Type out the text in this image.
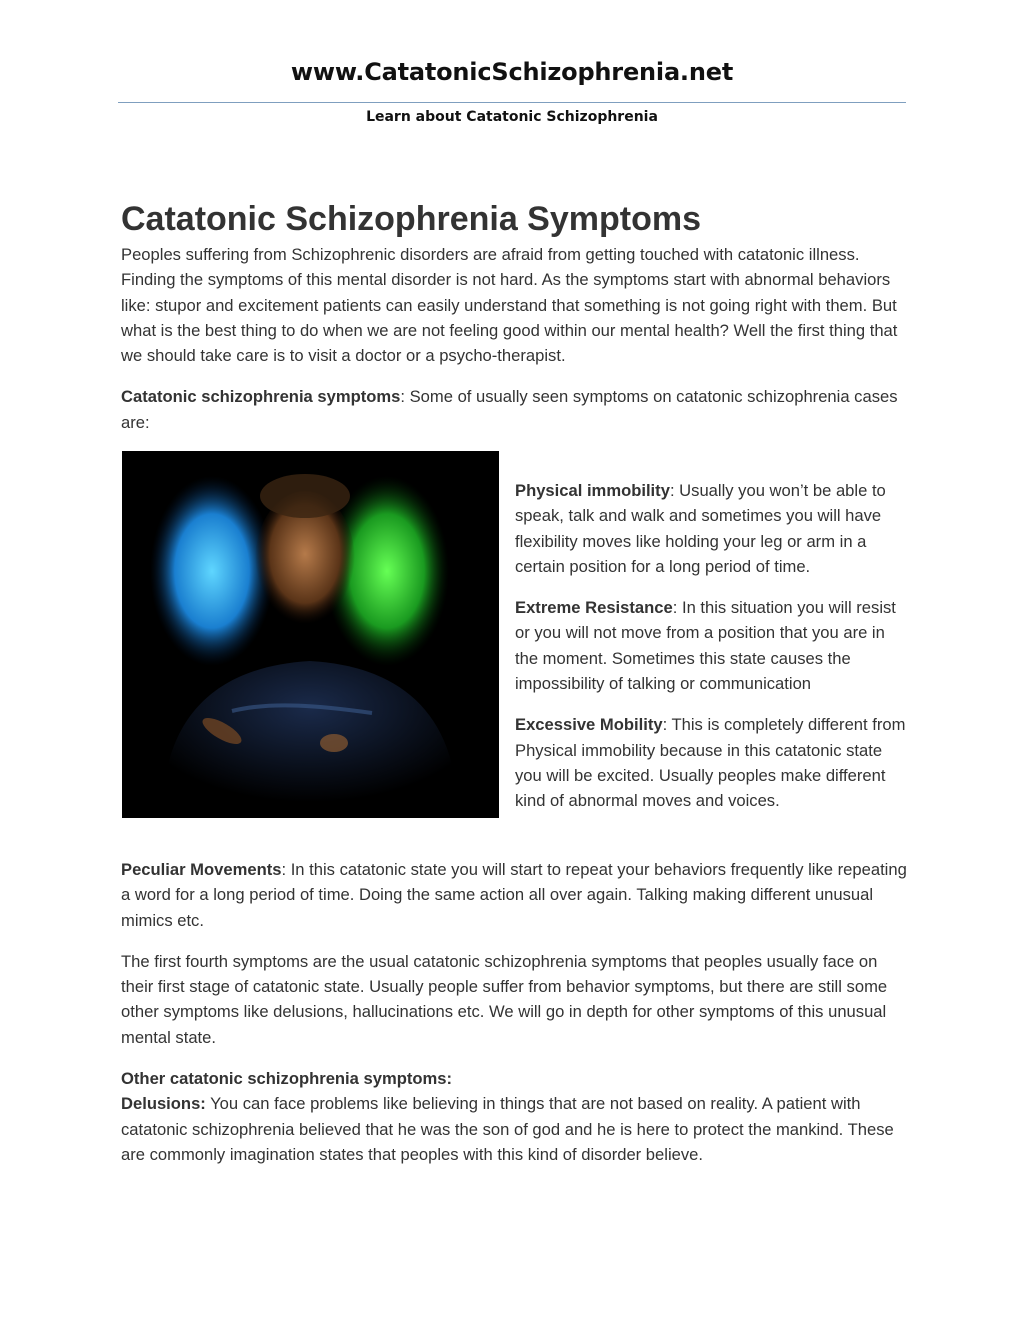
www.CatatonicSchizophrenia.net
Learn about Catatonic Schizophrenia
Catatonic Schizophrenia Symptoms

Peoples suffering from Schizophrenic disorders are afraid from getting touched with catatonic illness. Finding the symptoms of this mental disorder is not hard. As the symptoms start with abnormal behaviors like: stupor and excitement patients can easily understand that something is not going right with them. But what is the best thing to do when we are not feeling good within our mental health? Well the first thing that we should take care is to visit a doctor or a psycho-therapist.

Catatonic schizophrenia symptoms: Some of usually seen symptoms on catatonic schizophrenia cases are:

Physical immobility: Usually you won’t be able to speak, talk and walk and sometimes you will have flexibility moves like holding your leg or arm in a certain position for a long period of time.

Extreme Resistance: In this situation you will resist or you will not move from a position that you are in the moment. Sometimes this state causes the impossibility of talking or communication

Excessive Mobility: This is completely different from Physical immobility because in this catatonic state you will be excited. Usually peoples make different kind of abnormal moves and voices.

Peculiar Movements: In this catatonic state you will start to repeat your behaviors frequently like repeating a word for a long period of time. Doing the same action all over again. Talking making different unusual mimics etc.

The first fourth symptoms are the usual catatonic schizophrenia symptoms that peoples usually face on their first stage of catatonic state. Usually people suffer from behavior symptoms, but there are still some other symptoms like delusions, hallucinations etc. We will go in depth for other symptoms of this unusual mental state.

Other catatonic schizophrenia symptoms:

Delusions: You can face problems like believing in things that are not based on reality. A patient with catatonic schizophrenia believed that he was the son of god and he is here to protect the mankind. These are commonly imagination states that peoples with this kind of disorder believe.
